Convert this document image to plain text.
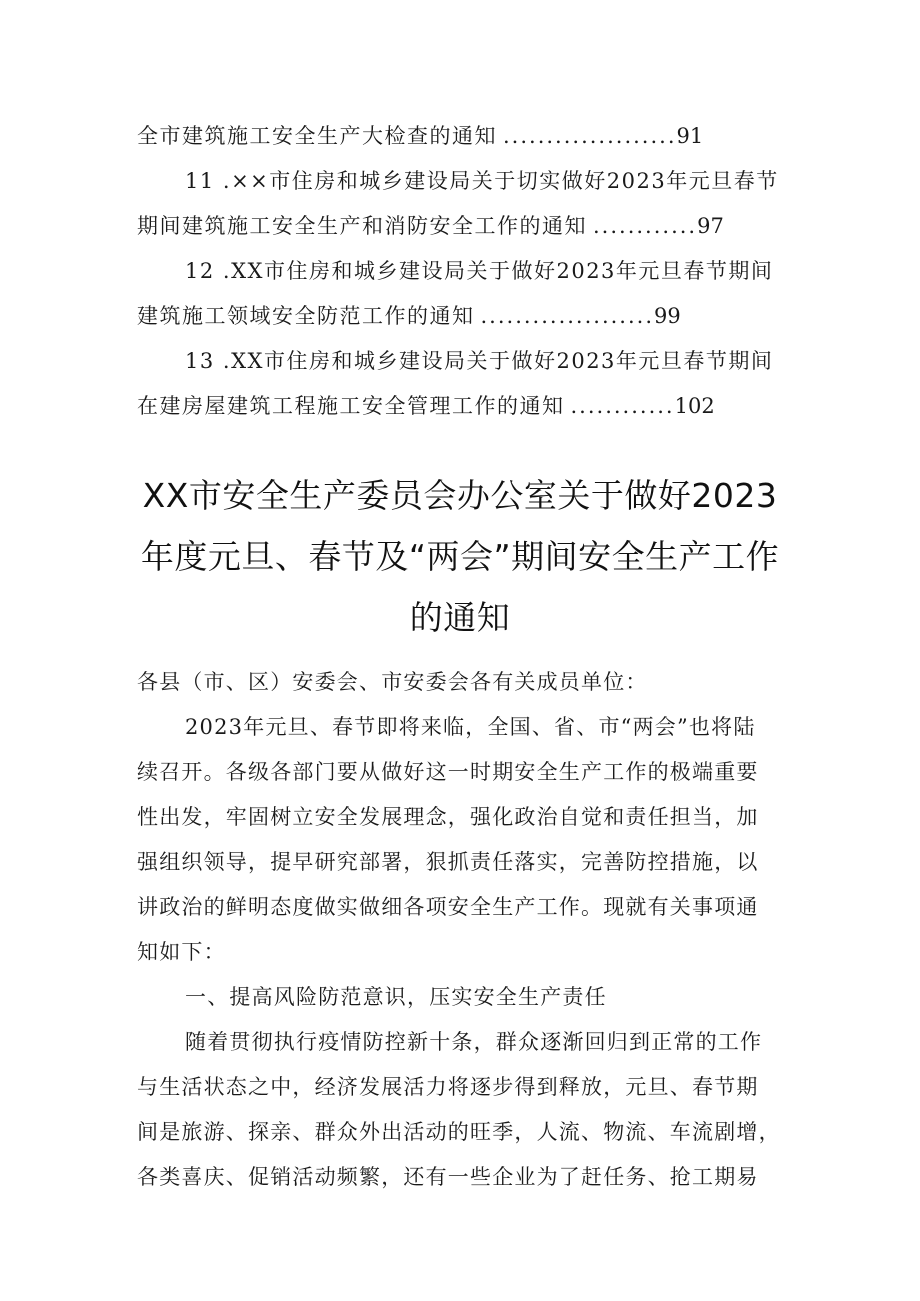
全市建筑施工安全生产大检查的通知 .................... 91
11 .××市住房和城乡建设局关于切实做好2023年元旦春节
期间建筑施工安全生产和消防安全工作的通知 ............ 97
12 .XX市住房和城乡建设局关于做好2023年元旦春节期间
建筑施工领域安全防范工作的通知 .................... 99
13 .XX市住房和城乡建设局关于做好2023年元旦春节期间
在建房屋建筑工程施工安全管理工作的通知 ............ 102
XX市安全生产委员会办公室关于做好2023
年度元旦、春节及“两会”期间安全生产工作
的通知
各县（市、区）安委会、市安委会各有关成员单位：
2023年元旦、春节即将来临，全国、省、市“两会”也将陆
续召开。各级各部门要从做好这一时期安全生产工作的极端重要
性出发，牢固树立安全发展理念，强化政治自觉和责任担当，加
强组织领导，提早研究部署，狠抓责任落实，完善防控措施，以
讲政治的鲜明态度做实做细各项安全生产工作。现就有关事项通
知如下：
一、提高风险防范意识，压实安全生产责任
随着贯彻执行疫情防控新十条，群众逐渐回归到正常的工作
与生活状态之中，经济发展活力将逐步得到释放，元旦、春节期
间是旅游、探亲、群众外出活动的旺季，人流、物流、车流剧增，
各类喜庆、促销活动频繁，还有一些企业为了赶任务、抢工期易
